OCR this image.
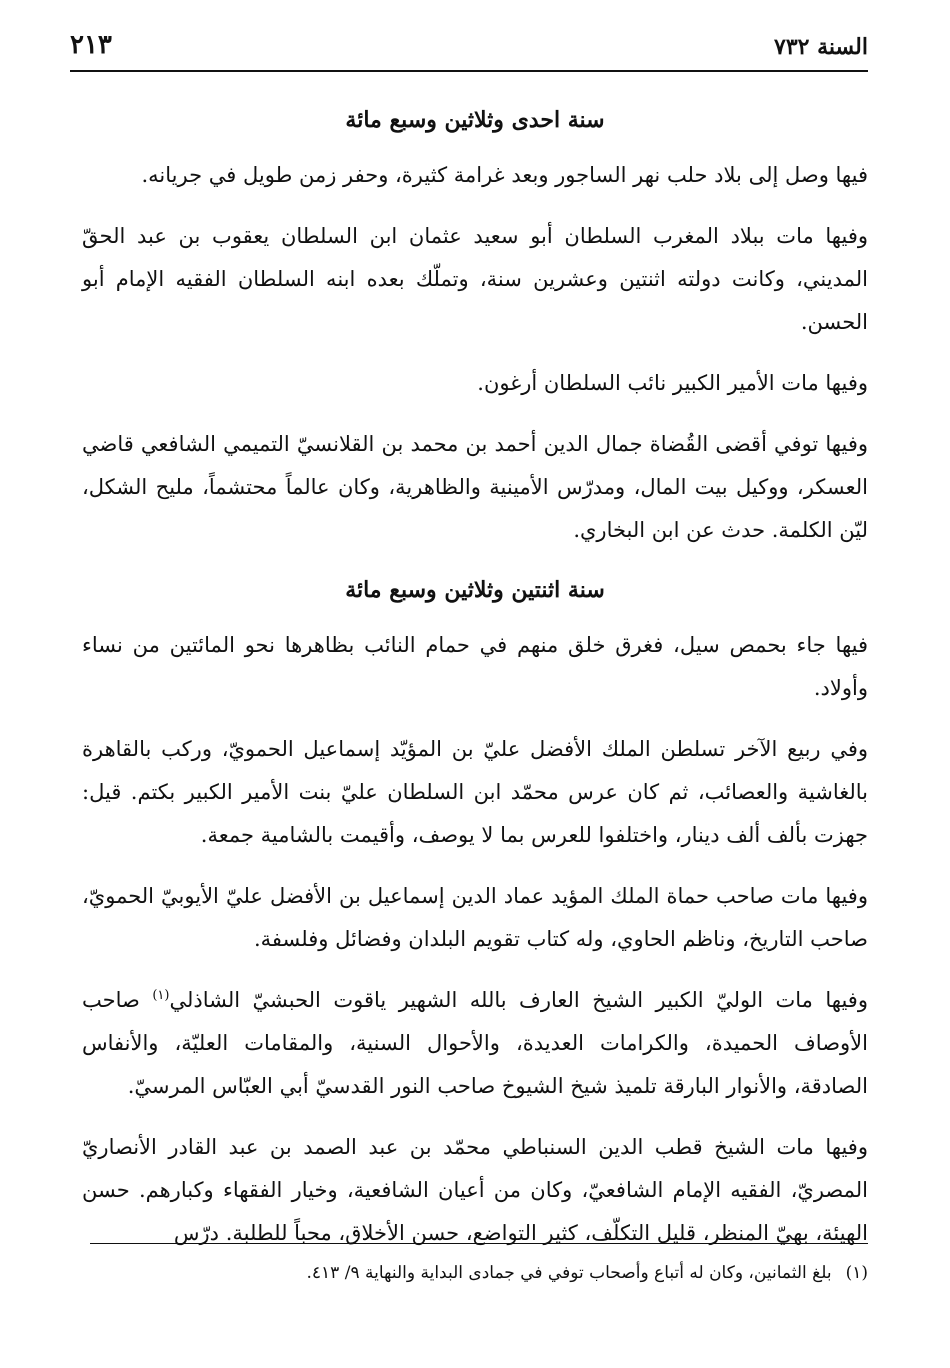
السنة ٧٣٢
٢١٣
سنة احدى وثلاثين وسبع مائة

فيها وصل إلى بلاد حلب نهر الساجور وبعد غرامة كثيرة، وحفر زمن طويل في جريانه.

وفيها مات ببلاد المغرب السلطان أبو سعيد عثمان ابن السلطان يعقوب بن عبد الحقّ المديني، وكانت دولته اثنتين وعشرين سنة، وتملّك بعده ابنه السلطان الفقيه الإمام أبو الحسن.

وفيها مات الأمير الكبير نائب السلطان أرغون.

وفيها توفي أقضى القُضاة جمال الدين أحمد بن محمد بن القلانسيّ التميمي الشافعي قاضي العسكر، ووكيل بيت المال، ومدرّس الأمينية والظاهرية، وكان عالماً محتشماً، مليح الشكل، ليّن الكلمة. حدث عن ابن البخاري.

سنة اثنتين وثلاثين وسبع مائة

فيها جاء بحمص سيل، فغرق خلق منهم في حمام النائب بظاهرها نحو المائتين من نساء وأولاد.

وفي ربيع الآخر تسلطن الملك الأفضل عليّ بن المؤيّد إسماعيل الحمويّ، وركب بالقاهرة بالغاشية والعصائب، ثم كان عرس محمّد ابن السلطان عليّ بنت الأمير الكبير بكتم. قيل: جهزت بألف ألف دينار، واختلفوا للعرس بما لا يوصف، وأقيمت بالشامية جمعة.

وفيها مات صاحب حماة الملك المؤيد عماد الدين إسماعيل بن الأفضل عليّ الأيوبيّ الحمويّ، صاحب التاريخ، وناظم الحاوي، وله كتاب تقويم البلدان وفضائل وفلسفة.

وفيها مات الوليّ الكبير الشيخ العارف بالله الشهير ياقوت الحبشيّ الشاذلي$^{(١)}$ صاحب الأوصاف الحميدة، والكرامات العديدة، والأحوال السنية، والمقامات العليّة، والأنفاس الصادقة، والأنوار البارقة تلميذ شيخ الشيوخ صاحب النور القدسيّ أبي العبّاس المرسيّ.

وفيها مات الشيخ قطب الدين السنباطي محمّد بن عبد الصمد بن عبد القادر الأنصاريّ المصريّ، الفقيه الإمام الشافعيّ، وكان من أعيان الشافعية، وخيار الفقهاء وكبارهم. حسن الهيئة، بهيّ المنظر، قليل التكلّف، كثير التواضع، حسن الأخلاق، محباً للطلبة. درّس

(١)بلغ الثمانين، وكان له أتباع وأصحاب توفي في جمادى البداية والنهاية ٩/ ٤١٣.
